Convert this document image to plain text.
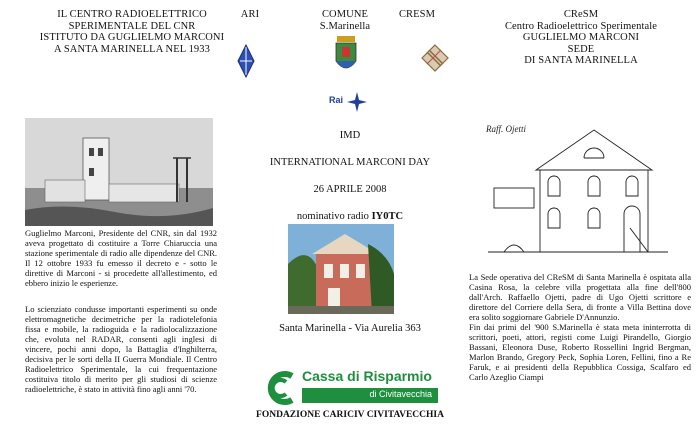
IL CENTRO RADIOELETTRICO
SPERIMENTALE DEL CNR
ISTITUTO DA GUGLIELMO MARCONI
A SANTA MARINELLA NEL 1933
ARI	COMUNE
S.Marinella
CRESM
Rai
CReSM
Centro Radioelettrico Sperimentale
GUGLIELMO MARCONI
SEDE
DI SANTA MARINELLA
Guglielmo Marconi, Presidente del CNR, sin dal 1932 aveva progettato di costituire a Torre Chiaruccia una stazione sperimentale di radio alle dipendenze del CNR. Il 12 ottobre 1933 fu emesso il decreto e - sotto le direttive di Marconi - si procedette all'allestimento, ed ebbero inizio le esperienze.
Lo scienziato condusse importanti esperimenti su onde elettromagnetiche decimetriche per la radiotelefonia fissa e mobile, la radioguida e la radiolocalizzazione che, evoluta nel RADAR, consenti agli inglesi di vincere, pochi anni dopo, la Battaglia d'Inghilterra, decisiva per le sorti della II Guerra Mondiale. Il Centro Radioelettrico Sperimentale, la cui frequentazione costituiva titolo di merito per gli studiosi di scienze radioelettriche, è stato in attività fino agli anni '70.
IMD
INTERNATIONAL MARCONI DAY
26 APRILE 2008
nominativo radio IY0TC
Santa Marinella - Via Aurelia 363
Cassa di Risparmio
di Civitavecchia
FONDAZIONE CARICIV CIVITAVECCHIA
Raff. Ojetti
La Sede operativa del CReSM di Santa Marinella è ospitata alla Casina Rosa, la celebre villa progettata alla fine dell'800 dall'Arch. Raffaello Ojetti, padre di Ugo Ojetti scrittore e direttore del Corriere della Sera, di fronte a Villa Bettina dove era solito soggiornare Gabriele D'Annunzio.
Fin dai primi del '900 S.Marinella è stata meta ininterrotta di scrittori, poeti, attori, registi come Luigi Pirandello, Giorgio Bassani, Eleonora Duse, Roberto Rossellini Ingrid Bergman, Marlon Brando, Gregory Peck, Sophia Loren, Fellini, fino a Re Faruk, e ai presidenti della Repubblica Cossiga, Scalfaro ed Carlo Azeglio Ciampi
